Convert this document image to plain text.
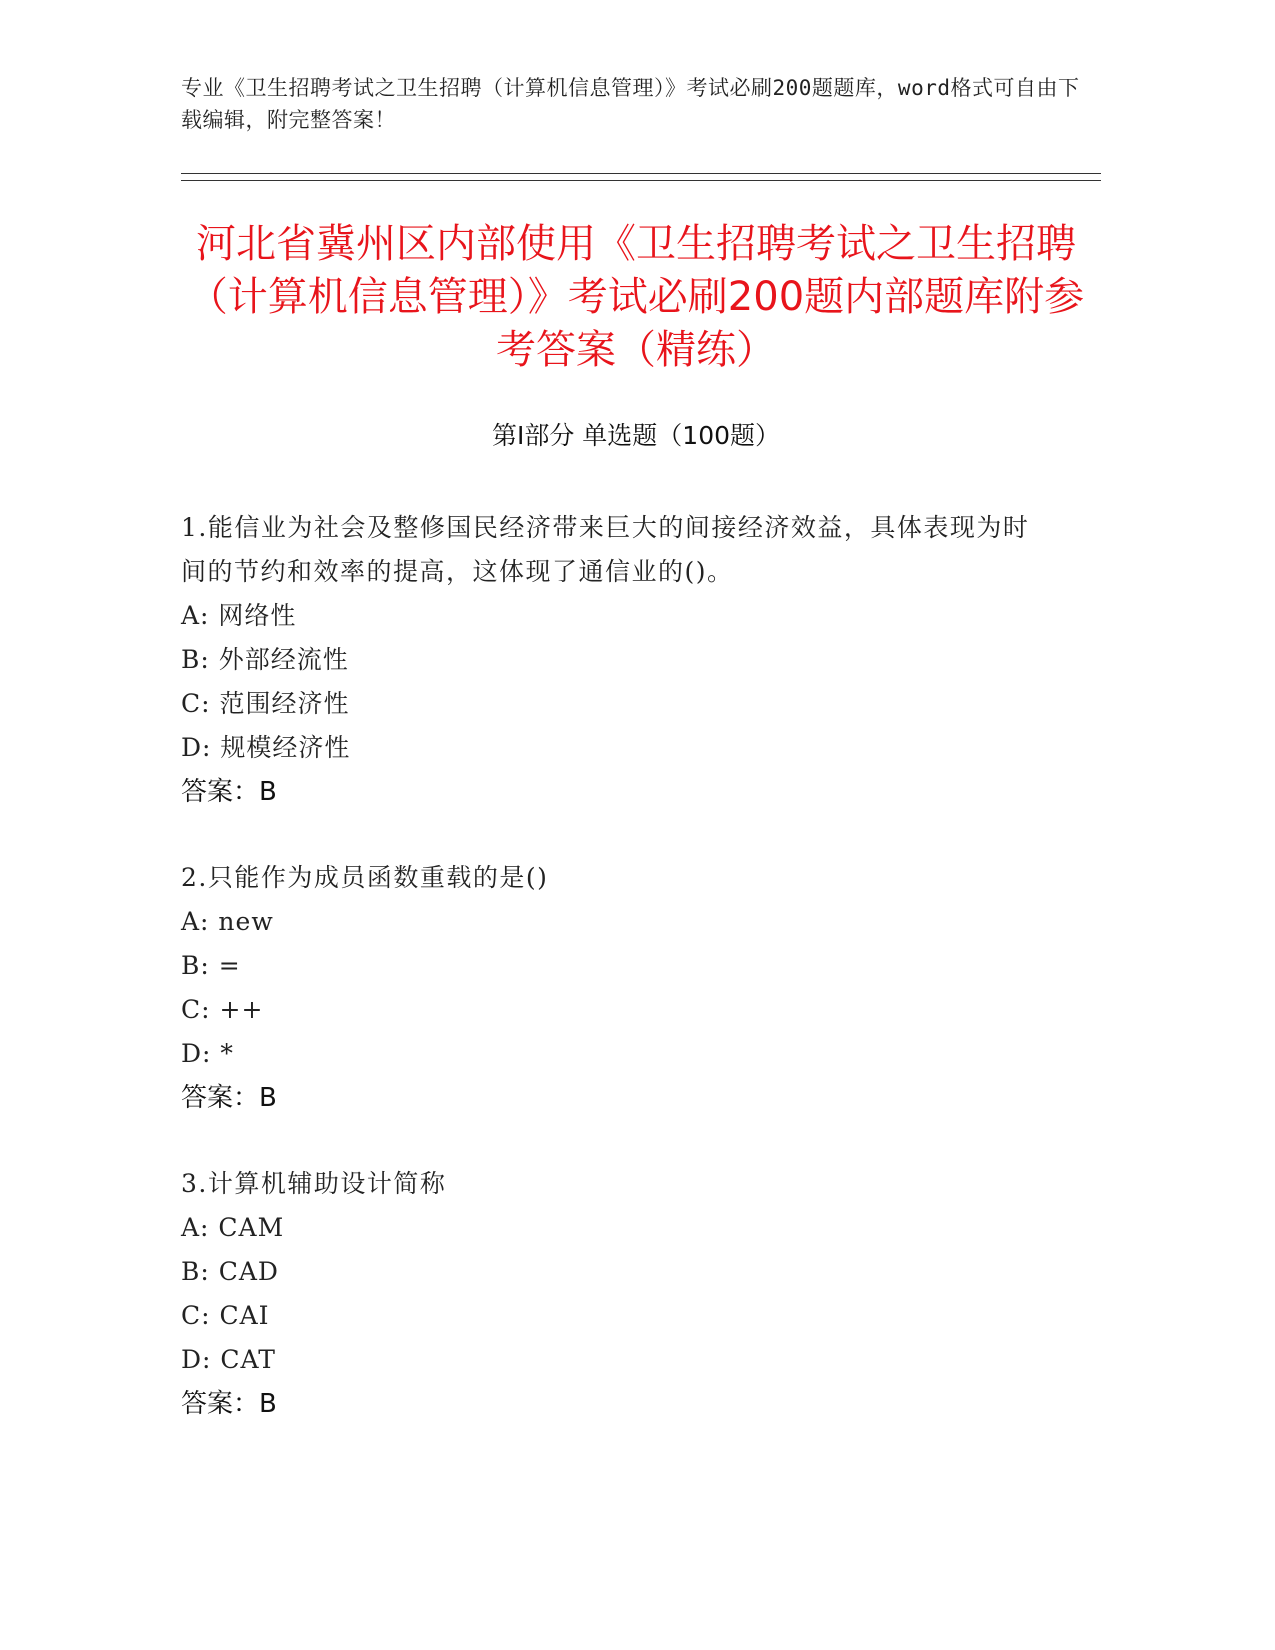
专业《卫生招聘考试之卫生招聘（计算机信息管理）》考试必刷200题题库，word格式可自由下载编辑，附完整答案！
河北省冀州区内部使用《卫生招聘考试之卫生招聘（计算机信息管理）》考试必刷200题内部题库附参考答案（精练）
第Ⅰ部分 单选题（100题）
1.能信业为社会及整修国民经济带来巨大的间接经济效益，具体表现为时间的节约和效率的提高，这体现了通信业的()。
A: 网络性
B: 外部经流性
C: 范围经济性
D: 规模经济性
答案：B
2.只能作为成员函数重载的是()
A: new
B: =
C: ++
D: *
答案：B
3.计算机辅助设计简称
A: CAM
B: CAD
C: CAI
D: CAT
答案：B
